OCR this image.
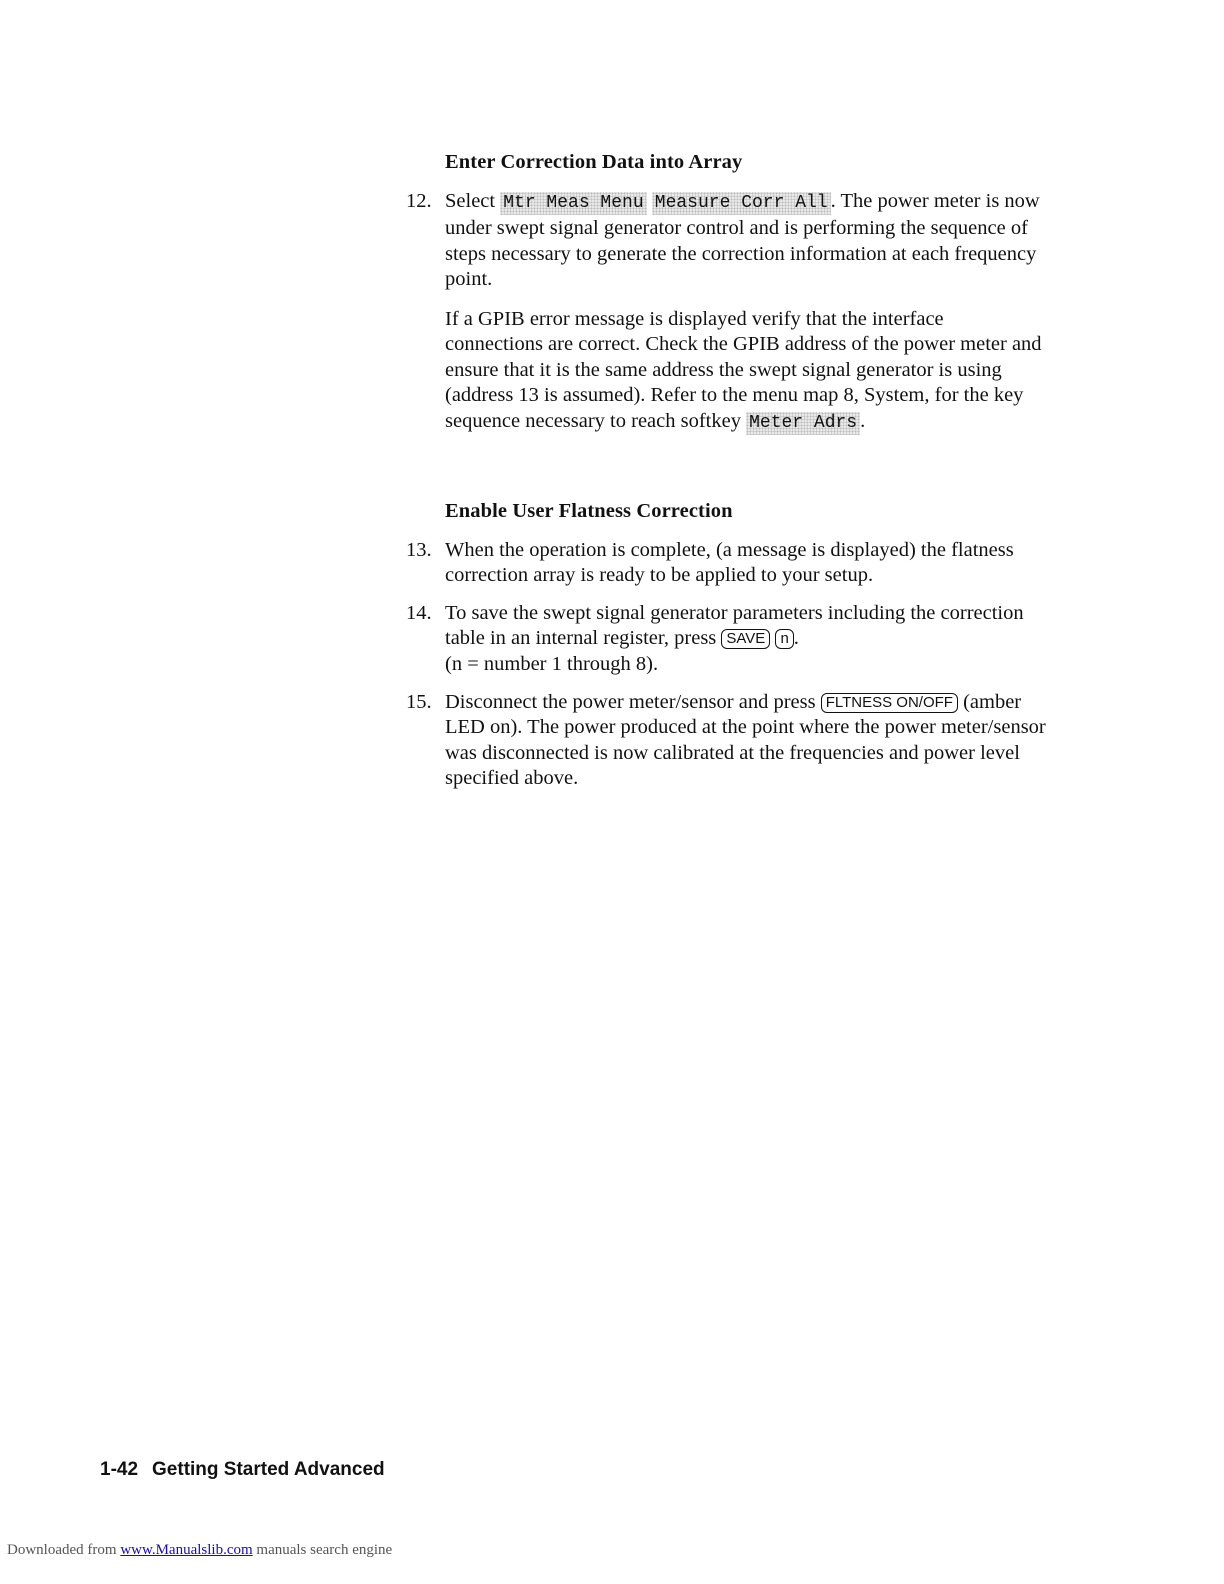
Enter Correction Data into Array
12. Select Mtr Meas Menu Measure Corr All . The power meter is now under swept signal generator control and is performing the sequence of steps necessary to generate the correction information at each frequency point.
If a GPIB error message is displayed verify that the interface connections are correct. Check the GPIB address of the power meter and ensure that it is the same address the swept signal generator is using (address 13 is assumed). Refer to the menu map 8, System, for the key sequence necessary to reach softkey Meter Adrs .
Enable User Flatness Correction
13. When the operation is complete, (a message is displayed) the flatness correction array is ready to be applied to your setup.
14. To save the swept signal generator parameters including the correction table in an internal register, press SAVE n .
(n = number 1 through 8).
15. Disconnect the power meter/sensor and press FLTNESS ON/OFF (amber LED on). The power produced at the point where the power meter/sensor was disconnected is now calibrated at the frequencies and power level specified above.
1-42 Getting Started Advanced
Downloaded from www.Manualslib.com manuals search engine
